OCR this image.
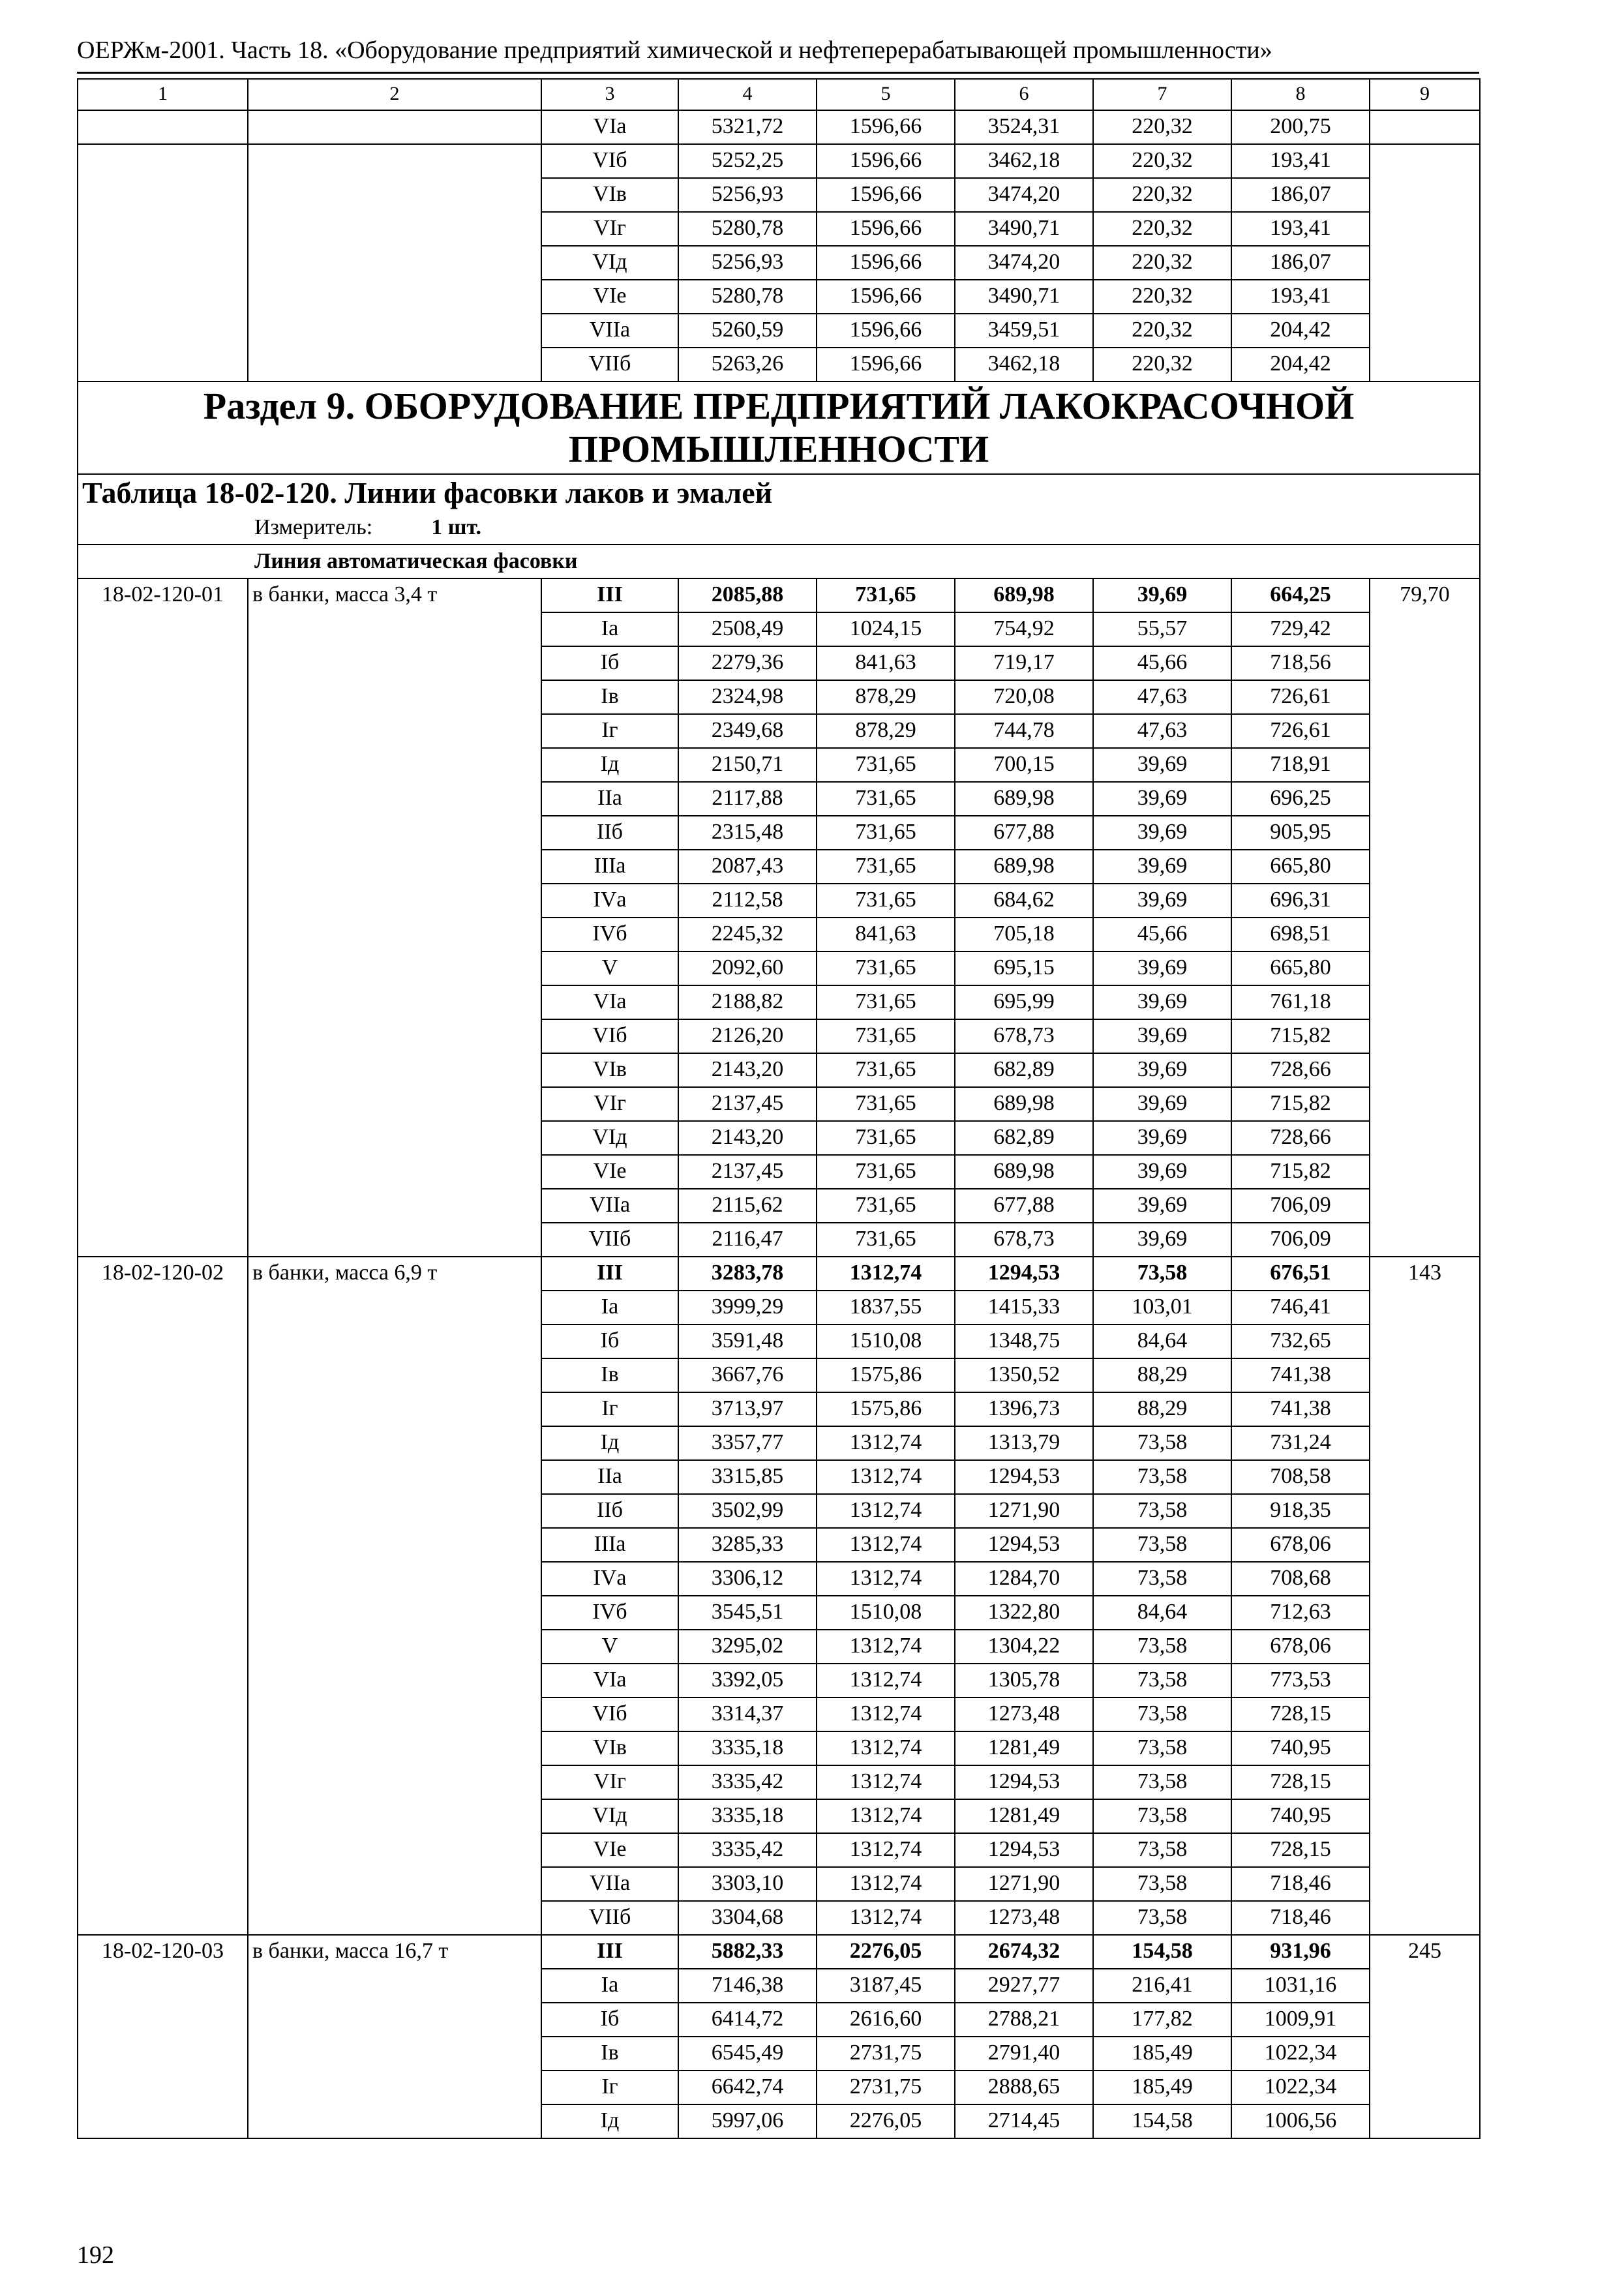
ОЕРЖм-2001. Часть 18. «Оборудование предприятий химической и нефтеперерабатывающей промышленности»
1	2	3	4	5	6	7	8	9
		VIа	5321,72	1596,66	3524,31	220,32	200,75	
		VIб	5252,25	1596,66	3462,18	220,32	193,41	
		VIв	5256,93	1596,66	3474,20	220,32	186,07	
		VIг	5280,78	1596,66	3490,71	220,32	193,41	
		VIд	5256,93	1596,66	3474,20	220,32	186,07	
		VIе	5280,78	1596,66	3490,71	220,32	193,41	
		VIIа	5260,59	1596,66	3459,51	220,32	204,42	
		VIIб	5263,26	1596,66	3462,18	220,32	204,42	
Раздел 9. ОБОРУДОВАНИЕ ПРЕДПРИЯТИЙ ЛАКОКРАСОЧНОЙ ПРОМЫШЛЕННОСТИ								
Таблица 18-02-120. Линии фасовки лаков и эмалей								
Измеритель: 1 шт.								
Линия автоматическая фасовки								
18-02-120-01	в банки, масса 3,4 т	III	2085,88	731,65	689,98	39,69	664,25	79,70
		Iа	2508,49	1024,15	754,92	55,57	729,42	
		Iб	2279,36	841,63	719,17	45,66	718,56	
		Iв	2324,98	878,29	720,08	47,63	726,61	
		Iг	2349,68	878,29	744,78	47,63	726,61	
		Iд	2150,71	731,65	700,15	39,69	718,91	
		IIа	2117,88	731,65	689,98	39,69	696,25	
		IIб	2315,48	731,65	677,88	39,69	905,95	
		IIIа	2087,43	731,65	689,98	39,69	665,80	
		IVа	2112,58	731,65	684,62	39,69	696,31	
		IVб	2245,32	841,63	705,18	45,66	698,51	
		V	2092,60	731,65	695,15	39,69	665,80	
		VIа	2188,82	731,65	695,99	39,69	761,18	
		VIб	2126,20	731,65	678,73	39,69	715,82	
		VIв	2143,20	731,65	682,89	39,69	728,66	
		VIг	2137,45	731,65	689,98	39,69	715,82	
		VIд	2143,20	731,65	682,89	39,69	728,66	
		VIе	2137,45	731,65	689,98	39,69	715,82	
		VIIа	2115,62	731,65	677,88	39,69	706,09	
		VIIб	2116,47	731,65	678,73	39,69	706,09	
18-02-120-02	в банки, масса 6,9 т	III	3283,78	1312,74	1294,53	73,58	676,51	143
		Iа	3999,29	1837,55	1415,33	103,01	746,41	
		Iб	3591,48	1510,08	1348,75	84,64	732,65	
		Iв	3667,76	1575,86	1350,52	88,29	741,38	
		Iг	3713,97	1575,86	1396,73	88,29	741,38	
		Iд	3357,77	1312,74	1313,79	73,58	731,24	
		IIа	3315,85	1312,74	1294,53	73,58	708,58	
		IIб	3502,99	1312,74	1271,90	73,58	918,35	
		IIIа	3285,33	1312,74	1294,53	73,58	678,06	
		IVа	3306,12	1312,74	1284,70	73,58	708,68	
		IVб	3545,51	1510,08	1322,80	84,64	712,63	
		V	3295,02	1312,74	1304,22	73,58	678,06	
		VIа	3392,05	1312,74	1305,78	73,58	773,53	
		VIб	3314,37	1312,74	1273,48	73,58	728,15	
		VIв	3335,18	1312,74	1281,49	73,58	740,95	
		VIг	3335,42	1312,74	1294,53	73,58	728,15	
		VIд	3335,18	1312,74	1281,49	73,58	740,95	
		VIе	3335,42	1312,74	1294,53	73,58	728,15	
		VIIа	3303,10	1312,74	1271,90	73,58	718,46	
		VIIб	3304,68	1312,74	1273,48	73,58	718,46	
18-02-120-03	в банки, масса 16,7 т	III	5882,33	2276,05	2674,32	154,58	931,96	245
		Iа	7146,38	3187,45	2927,77	216,41	1031,16	
		Iб	6414,72	2616,60	2788,21	177,82	1009,91	
		Iв	6545,49	2731,75	2791,40	185,49	1022,34	
		Iг	6642,74	2731,75	2888,65	185,49	1022,34	
		Iд	5997,06	2276,05	2714,45	154,58	1006,56	
192
